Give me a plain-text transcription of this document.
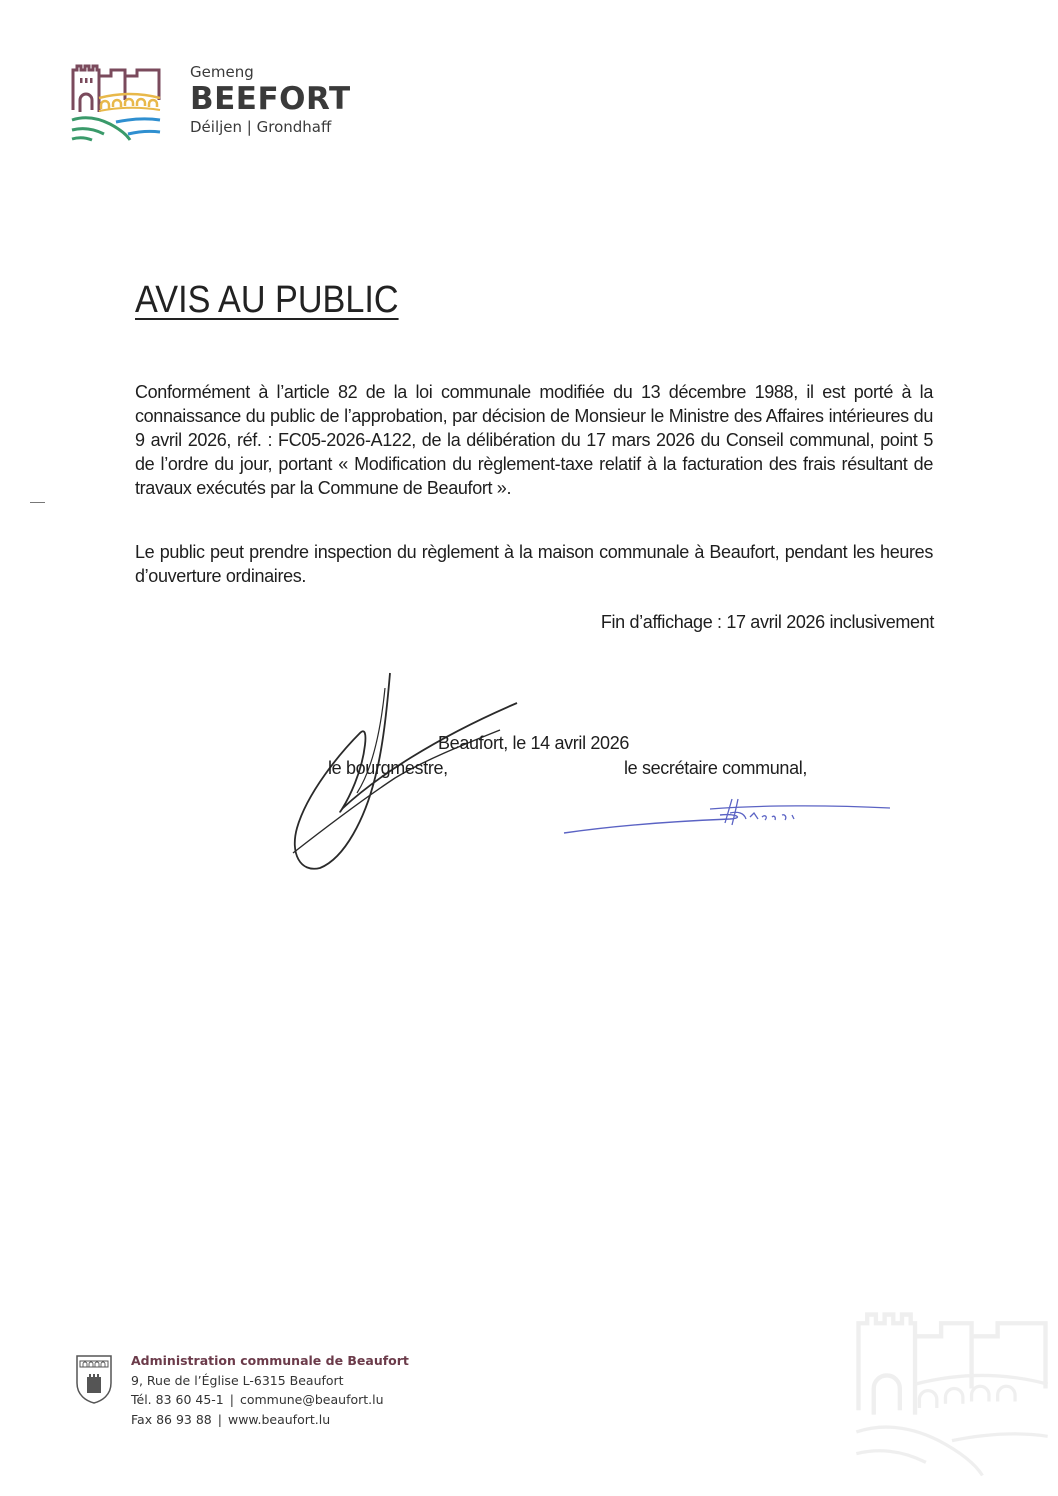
Gemeng
BEEFORT
Déiljen | Grondhaff
AVIS AU PUBLIC
Conformément à l’article 82 de la loi communale modifiée du 13 décembre 1988, il est porté à la connaissance du public de l’approbation, par décision de Monsieur le Ministre des Affaires intérieures du 9 avril 2026, réf. : FC05-2026-A122, de la délibération du 17 mars 2026 du Conseil communal, point 5 de l’ordre du jour, portant « Modification du règlement-taxe relatif à la facturation des frais résultant de travaux exécutés par la Commune de Beaufort ».
Le public peut prendre inspection du règlement à la maison communale à Beaufort, pendant les heures d’ouverture ordinaires.
Fin d’affichage : 17 avril 2026 inclusivement
Beaufort, le 14 avril 2026
le bourgmestre,	le secrétaire communal,
Administration communale de Beaufort
9, Rue de l’Église L-6315 Beaufort
Tél. 83 60 45-1 | commune@beaufort.lu
Fax 86 93 88 | www.beaufort.lu
